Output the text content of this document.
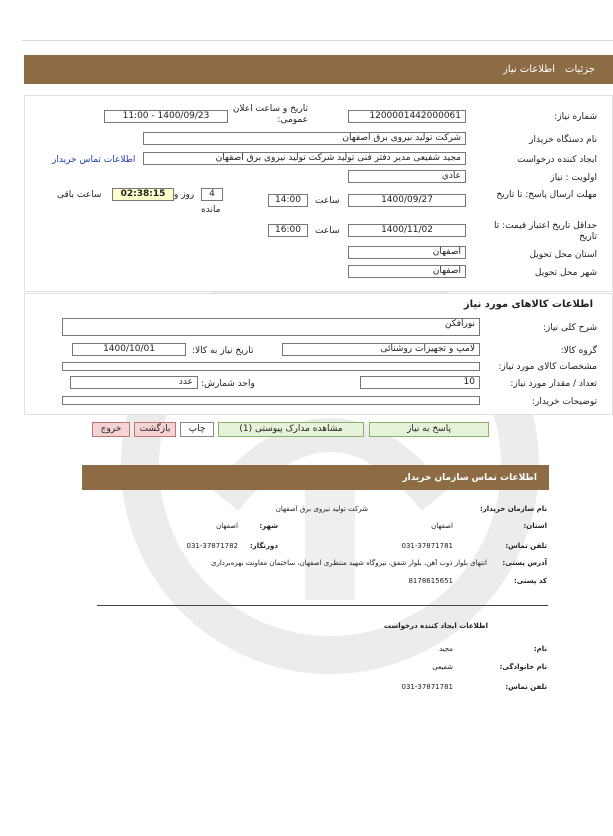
جزئیات
اطلاعات نیاز
شماره نیاز:
1200001442000061
تاریخ و ساعت اعلان عمومی:
1400/09/23 - 11:00
نام دستگاه خریدار
شرکت تولید نیروی برق اصفهان
ایجاد کننده درخواست
مجید شفیعی مدیر دفتر فنی تولید شرکت تولید نیروی برق اصفهان
اطلاعات تماس خریدار
اولویت : نیاز
عادي
مهلت ارسال پاسخ: تا تاریخ
1400/09/27
ساعت
14:00
4
روز و
مانده
02:38:15
ساعت باقی
حداقل تاریخ اعتبار قیمت: تا تاریخ
1400/11/02
ساعت
16:00
استان محل تحویل
اصفهان
شهر محل تحویل
اصفهان
اطلاعات کالاهای مورد نیاز
شرح کلی نیاز:
نورافکن
گروه کالا:
لامپ و تجهیزات روشنائی
تاریخ نیاز به کالا:
1400/10/01
مشخصات کالای مورد نیاز:
تعداد / مقدار مورد نیاز:
10
واحد شمارش:
عدد
توضیحات خریدار:
پاسخ به نیاز
مشاهده مدارک پیوستی (1)
چاپ
بازگشت
خروج
اطلاعات تماس سازمان خریدار
نام سازمان خریدار:
شرکت تولید نیروی برق اصفهان
استان:
اصفهان
شهر:
اصفهان
تلفن تماس:
031-37871781
دورنگار:
031-37871782
آدرس پستی:
انتهای بلوار ذوب آهن، بلوار شفق، نیروگاه شهید منتظری اصفهان، ساختمان معاونت بهره‌برداری
کد پستی:
8178615651
اطلاعات ایجاد کننده درخواست
نام:
مجید
نام خانوادگی:
شفیعی
تلفن تماس:
031-37871781
